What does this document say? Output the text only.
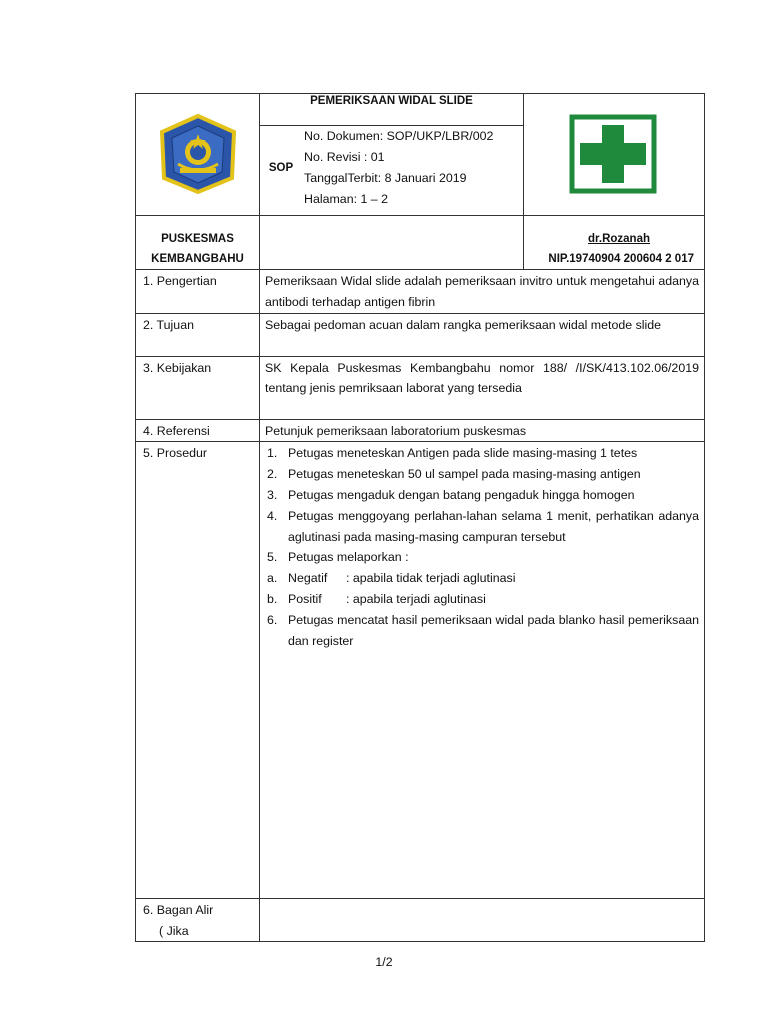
PEMERIKSAAN WIDAL SLIDE
SOP	No. Dokumen: SOP/UKP/LBR/002
No. Revisi : 01
TanggalTerbit: 8 Januari 2019
Halaman: 1 – 2

PUSKESMAS
KEMBANGBAHU

dr.Rozanah
NIP.19740904 200604 2 017
1. Pengertian	Pemeriksaan Widal slide adalah pemeriksaan invitro untuk mengetahui adanya antibodi terhadap antigen fibrin
2. Tujuan	Sebagai pedoman acuan dalam rangka pemeriksaan widal metode slide
3. Kebijakan	SK Kepala Puskesmas Kembangbahu nomor 188/ /I/SK/413.102.06/2019 tentang jenis pemriksaan laborat yang tersedia
4. Referensi	Petunjuk pemeriksaan laboratorium puskesmas
5. Prosedur	1. Petugas meneteskan Antigen pada slide masing-masing 1 tetes
2. Petugas meneteskan 50 ul sampel pada masing-masing antigen
3. Petugas mengaduk dengan batang pengaduk hingga homogen
4. Petugas menggoyang perlahan-lahan selama 1 menit, perhatikan adanya aglutinasi pada masing-masing campuran tersebut
5. Petugas melaporkan :
a. Negatif : apabila tidak terjadi aglutinasi
b. Positif : apabila terjadi aglutinasi
6. Petugas mencatat hasil pemeriksaan widal pada blanko hasil pemeriksaan dan register

6. Bagan Alir
( Jika

1/2
